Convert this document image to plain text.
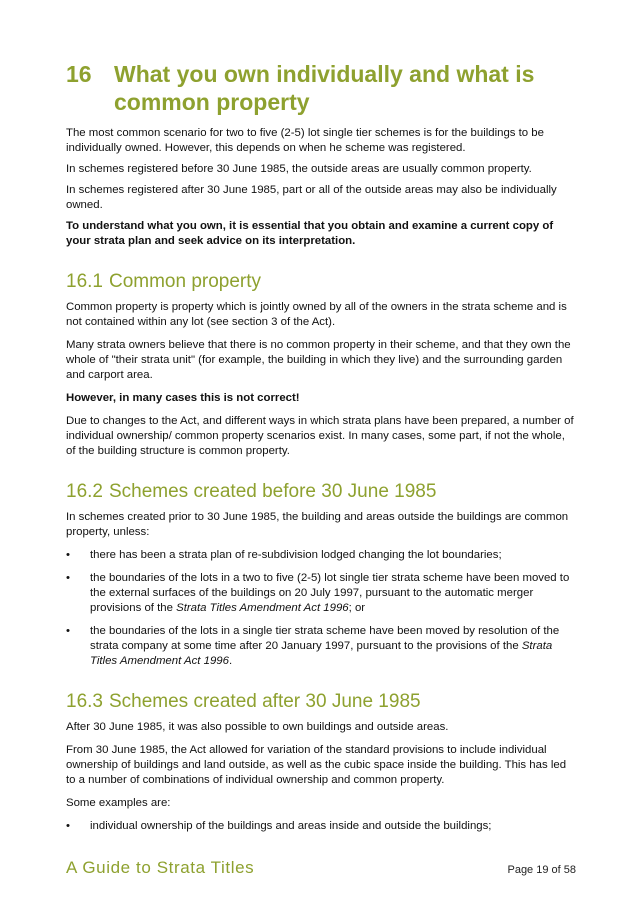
16 What you own individually and what is common property

The most common scenario for two to five (2-5) lot single tier schemes is for the buildings to be individually owned. However, this depends on when he scheme was registered.

In schemes registered before 30 June 1985, the outside areas are usually common property.

In schemes registered after 30 June 1985, part or all of the outside areas may also be individually owned.

To understand what you own, it is essential that you obtain and examine a current copy of your strata plan and seek advice on its interpretation.

16.1 Common property

Common property is property which is jointly owned by all of the owners in the strata scheme and is not contained within any lot (see section 3 of the Act).

Many strata owners believe that there is no common property in their scheme, and that they own the whole of "their strata unit" (for example, the building in which they live) and the surrounding garden and carport area.

However, in many cases this is not correct!

Due to changes to the Act, and different ways in which strata plans have been prepared, a number of individual ownership/ common property scenarios exist. In many cases, some part, if not the whole, of the building structure is common property.

16.2 Schemes created before 30 June 1985

In schemes created prior to 30 June 1985, the building and areas outside the buildings are common property, unless:

•	there has been a strata plan of re-subdivision lodged changing the lot boundaries;
•	the boundaries of the lots in a two to five (2-5) lot single tier strata scheme have been moved to the external surfaces of the buildings on 20 July 1997, pursuant to the automatic merger provisions of the Strata Titles Amendment Act 1996; or
•	the boundaries of the lots in a single tier strata scheme have been moved by resolution of the strata company at some time after 20 January 1997, pursuant to the provisions of the Strata Titles Amendment Act 1996.
16.3 Schemes created after 30 June 1985

After 30 June 1985, it was also possible to own buildings and outside areas.

From 30 June 1985, the Act allowed for variation of the standard provisions to include individual ownership of buildings and land outside, as well as the cubic space inside the building. This has led to a number of combinations of individual ownership and common property.

Some examples are:

•	individual ownership of the buildings and areas inside and outside the buildings;
A Guide to Strata Titles	Page 19 of 58
